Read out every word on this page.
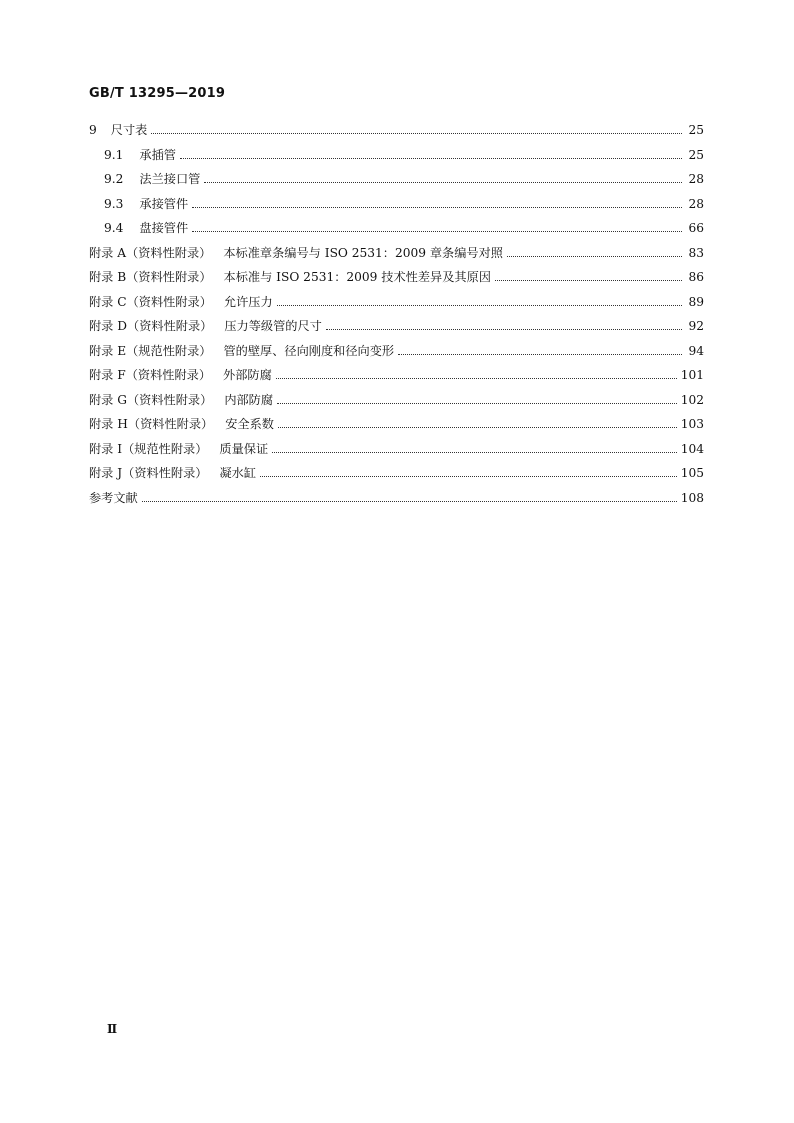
GB/T 13295—2019
9 尺寸表	25
9.1 承插管	25
9.2 法兰接口管	28
9.3 承接管件	28
9.4 盘接管件	66
附录 A（资料性附录） 本标准章条编号与 ISO 2531：2009 章条编号对照	83
附录 B（资料性附录） 本标准与 ISO 2531：2009 技术性差异及其原因	86
附录 C（资料性附录） 允许压力	89
附录 D（资料性附录） 压力等级管的尺寸	92
附录 E（规范性附录） 管的壁厚、径向刚度和径向变形	94
附录 F（资料性附录） 外部防腐	101
附录 G（资料性附录） 内部防腐	102
附录 H（资料性附录） 安全系数	103
附录 I（规范性附录） 质量保证	104
附录 J（资料性附录） 凝水缸	105
参考文献	108
Ⅱ
